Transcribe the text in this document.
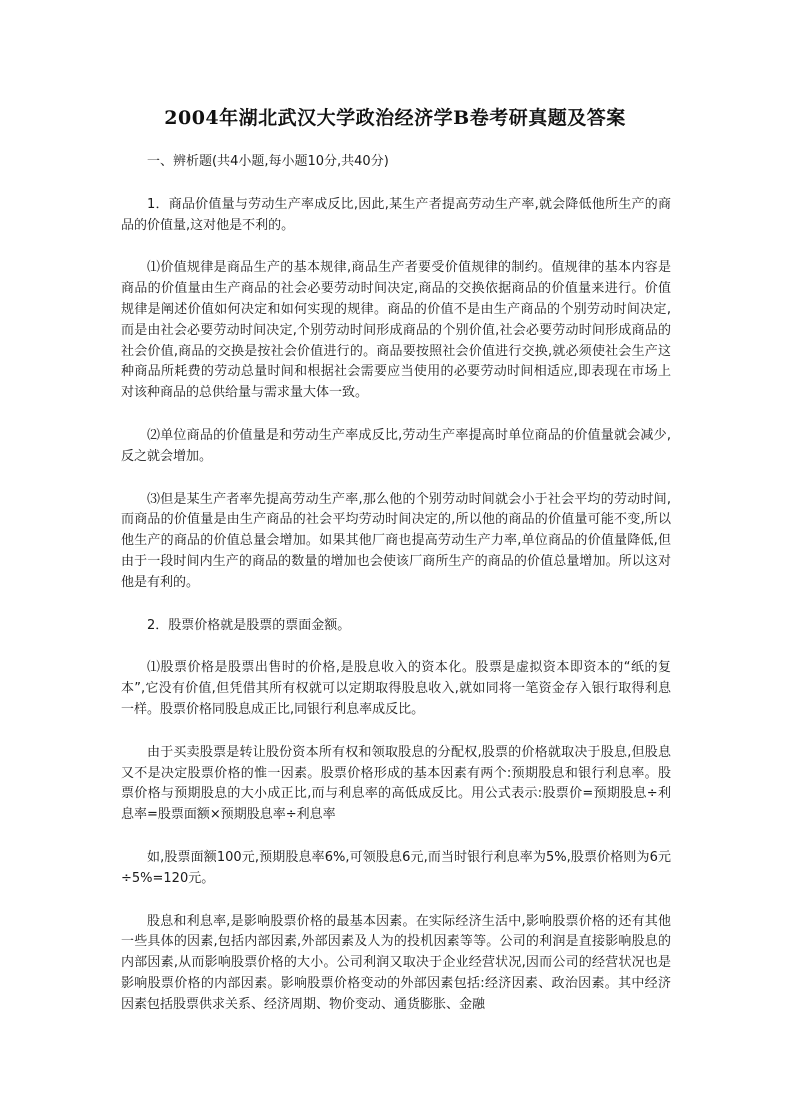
2004年湖北武汉大学政治经济学B卷考研真题及答案

一、辨析题(共4小题,每小题10分,共40分)

1．商品价值量与劳动生产率成反比,因此,某生产者提高劳动生产率,就会降低他所生产的商品的价值量,这对他是不利的。

⑴价值规律是商品生产的基本规律,商品生产者要受价值规律的制约。值规律的基本内容是商品的价值量由生产商品的社会必要劳动时间决定,商品的交换依据商品的价值量来进行。价值规律是阐述价值如何决定和如何实现的规律。商品的价值不是由生产商品的个别劳动时间决定,而是由社会必要劳动时间决定,个别劳动时间形成商品的个别价值,社会必要劳动时间形成商品的社会价值,商品的交换是按社会价值进行的。商品要按照社会价值进行交换,就必须使社会生产这种商品所耗费的劳动总量时间和根据社会需要应当使用的必要劳动时间相适应,即表现在市场上对该种商品的总供给量与需求量大体一致。

⑵单位商品的价值量是和劳动生产率成反比,劳动生产率提高时单位商品的价值量就会减少,反之就会增加。

⑶但是某生产者率先提高劳动生产率,那么他的个别劳动时间就会小于社会平均的劳动时间,而商品的价值量是由生产商品的社会平均劳动时间决定的,所以他的商品的价值量可能不变,所以他生产的商品的价值总量会增加。如果其他厂商也提高劳动生产力率,单位商品的价值量降低,但由于一段时间内生产的商品的数量的增加也会使该厂商所生产的商品的价值总量增加。所以这对他是有利的。

2．股票价格就是股票的票面金额。

⑴股票价格是股票出售时的价格,是股息收入的资本化。股票是虚拟资本即资本的“纸的复本”,它没有价值,但凭借其所有权就可以定期取得股息收入,就如同将一笔资金存入银行取得利息一样。股票价格同股息成正比,同银行利息率成反比。

由于买卖股票是转让股份资本所有权和领取股息的分配权,股票的价格就取决于股息,但股息又不是决定股票价格的惟一因素。股票价格形成的基本因素有两个:预期股息和银行利息率。股票价格与预期股息的大小成正比,而与利息率的高低成反比。用公式表示:股票价=预期股息÷利息率=股票面额×预期股息率÷利息率

如,股票面额100元,预期股息率6%,可领股息6元,而当时银行利息率为5%,股票价格则为6元÷5%=120元。

股息和利息率,是影响股票价格的最基本因素。在实际经济生活中,影响股票价格的还有其他一些具体的因素,包括内部因素,外部因素及人为的投机因素等等。公司的利润是直接影响股息的内部因素,从而影响股票价格的大小。公司利润又取决于企业经营状况,因而公司的经营状况也是影响股票价格的内部因素。影响股票价格变动的外部因素包括:经济因素、政治因素。其中经济因素包括股票供求关系、经济周期、物价变动、通货膨胀、金融
